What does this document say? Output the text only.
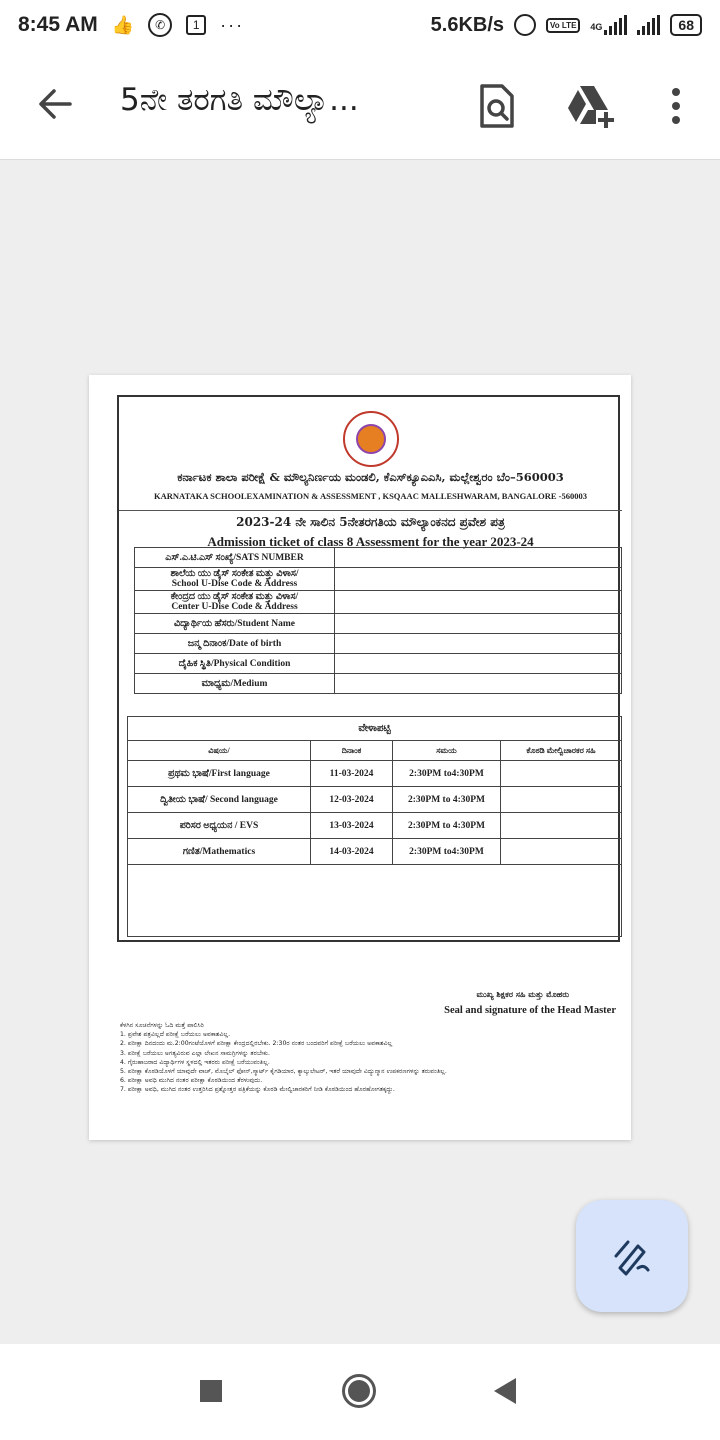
8:45 AM 👍	✆	1	···	5.6KB/s	Vo LTE	4G	68
5ನೇ ತರಗತಿ ಮೌಲ್ಯಾ...
ಕರ್ನಾಟಕ ಶಾಲಾ ಪರೀಕ್ಷೆ & ಮೌಲ್ಯನಿರ್ಣಯ ಮಂಡಲಿ, ಕೆಎಸ್‌ಕ್ಯೂಎಎಸಿ, ಮಲ್ಲೇಶ್ವರಂ ಬೆಂ–560003
KARNATAKA SCHOOLEXAMINATION & ASSESSMENT , KSQAAC MALLESHWARAM, BANGALORE -560003
2023-24 ನೇ ಸಾಲಿನ 5ನೇತರಗತಿಯ ಮೌಲ್ಯಾಂಕನದ ಪ್ರವೇಶ ಪತ್ರ
Admission ticket of class 8 Assessment for the year 2023-24
ಎಸ್.ಎ.ಟಿ.ಎಸ್ ಸಂಖ್ಯೆ/SATS NUMBER	
ಶಾಲೆಯ ಯು ಡೈಸ್ ಸಂಕೇತ ಮತ್ತು ವಿಳಾಸ/
School U-Dise Code & Address	
ಕೇಂದ್ರದ ಯು ಡೈಸ್ ಸಂಕೇತ ಮತ್ತು ವಿಳಾಸ/
Center U-Dise Code & Address	
ವಿದ್ಯಾರ್ಥಿಯ ಹೆಸರು/Student Name	
ಜನ್ಮ ದಿನಾಂಕ/Date of birth	
ದೈಹಿಕ ಸ್ಥಿತಿ/Physical Condition	
ಮಾಧ್ಯಮ/Medium	
ವೇಳಾಪಟ್ಟಿ			
ವಿಷಯ/	ದಿನಾಂಕ	ಸಮಯ	ಕೊಠಡಿ ಮೇಲ್ವಿಚಾರಕರ ಸಹಿ
ಪ್ರಥಮ ಭಾಷೆ/First language	11-03-2024	2:30PM to4:30PM	
ದ್ವಿತೀಯ ಭಾಷೆ/ Second language	12-03-2024	2:30PM to 4:30PM	
ಪರಿಸರ ಅಧ್ಯಯನ / EVS	13-03-2024	2:30PM to 4:30PM	
ಗಣಿತ/Mathematics	14-03-2024	2:30PM to4:30PM	

ಮುಖ್ಯ ಶಿಕ್ಷಕರ ಸಹಿ ಮತ್ತು ಮೊಹರು
Seal and signature of the Head Master
ಕೆಳಗಿನ ಸೂಚನೆಗಳನ್ನು ಓದಿ ಮತ್ತೆ ಪಾಲಿಸಿರಿ
1. ಪ್ರವೇಶ ಪತ್ರವಿಲ್ಲದೆ ಪರೀಕ್ಷೆ ಬರೆಯಲು ಅವಕಾಶವಿಲ್ಲ.
2. ಪರೀಕ್ಷಾ ದಿನದಂದು ಮ.2:00ಗಂಟೆಯೊಳಗೆ ಪರೀಕ್ಷಾ ಕೇಂದ್ರದಲ್ಲಿರಬೇಕು. 2:30ರ ನಂತರ ಬಂದವರಿಗೆ ಪರೀಕ್ಷೆ ಬರೆಯಲು ಅವಕಾಶವಿಲ್ಲ
3. ಪರೀಕ್ಷೆ ಬರೆಯಲು ಅಗತ್ಯವಿರುವ ಎಲ್ಲಾ ಲೇಖನ ಸಾಮಗ್ರಿಗಳನ್ನು ತರಬೇಕು.
4. ಗೈರುಹಾಜರಾದ ವಿದ್ಯಾರ್ಥಿಗಳ ಸ್ಥಳದಲ್ಲಿ ಇತರರು ಪರೀಕ್ಷೆ ಬರೆಯುವಂತಿಲ್ಲ.
5. ಪರೀಕ್ಷಾ ಕೊಠಡಿಯೊಳಗೆ ಯಾವುದೇ ವಾಚ್, ಮೊಬೈಲ್ ಫೋನ್,ಸ್ಮಾರ್ಟ್ ಕೈಗಡಿಯಾರ, ಕ್ಯಾಲ್ಕುಲೇಟರ್, ಇತರೆ ಯಾವುದೇ ವಿದ್ಯುನ್ಮಾನ ಉಪಕರಣಗಳನ್ನು ತರುವಂತಿಲ್ಲ.
6. ಪರೀಕ್ಷಾ ಅವಧಿ ಮುಗಿದ ನಂತರ ಪರೀಕ್ಷಾ ಕೊಠಡಿಯಿಂದ ತೆರಳುವುದು.
7. ಪರೀಕ್ಷಾ ಅವಧಿ, ಮುಗಿದ ನಂತರ ಉತ್ತರಿಸಿದ ಪ್ರಶ್ನೋತ್ತರ ಪತ್ರಿಕೆಯನ್ನು ಕೊಠಡಿ ಮೇಲ್ವಿಚಾರಕರಿಗೆ ನೀಡಿ ಕೊಠಡಿಯಿಂದ ಹೊರಹೋಗತಕ್ಕದ್ದು.
